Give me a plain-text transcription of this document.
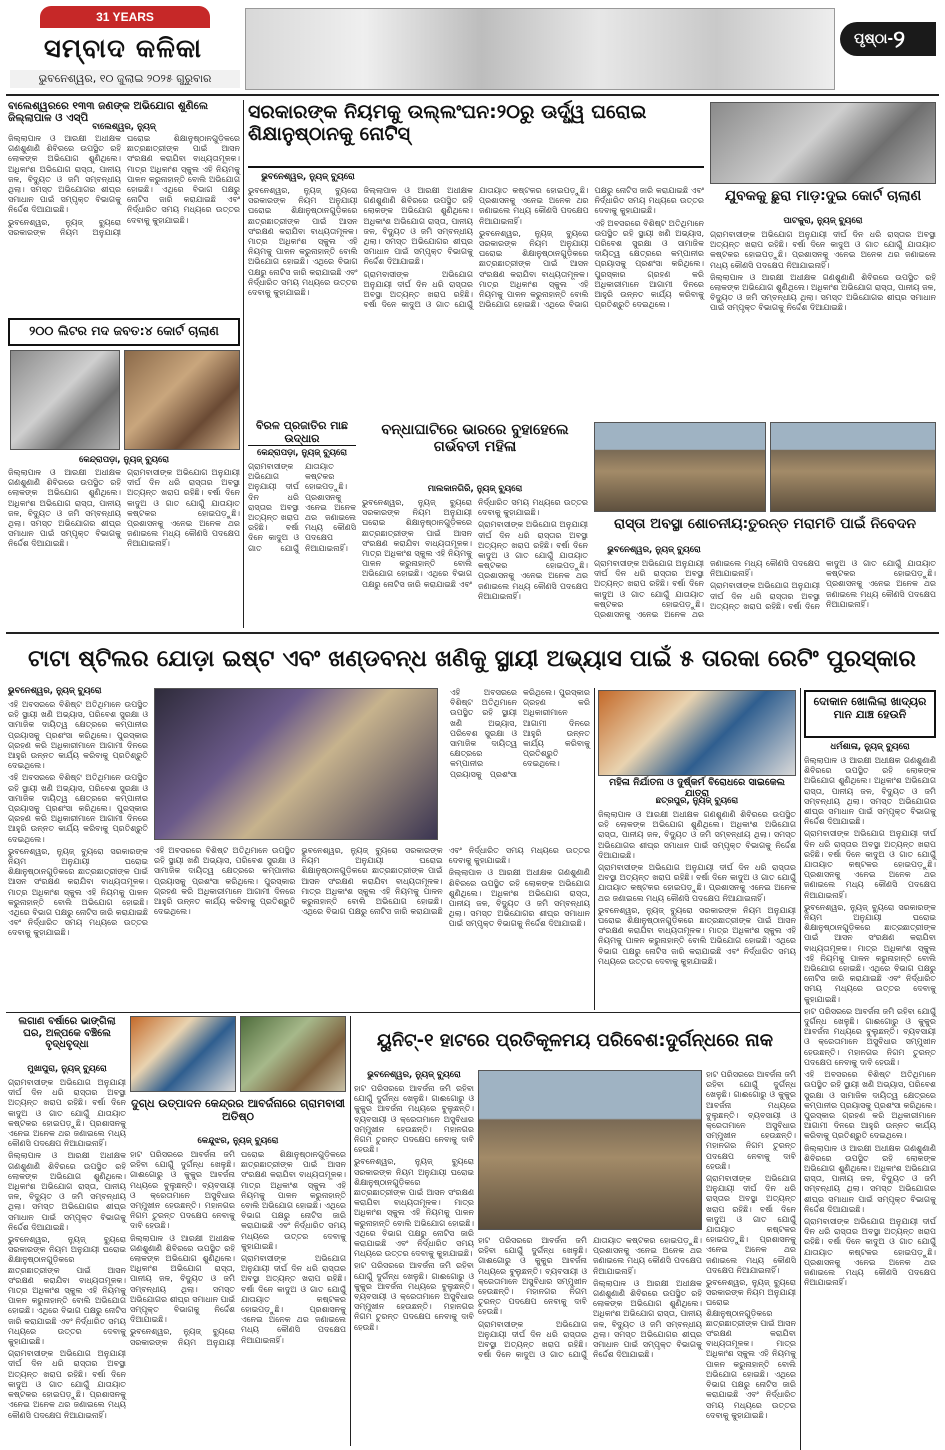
31 YEARS
ସମ୍ବାଦ କଳିକା
ଭୁବନେଶ୍ୱର, ୧୦ ଜୁଲାଇ ୨୦୨୫ ଗୁରୁବାର
ପୃଷ୍ଠା-୨
ବାଲେଶ୍ୱରରେ ୧୩୩ ଜଣଙ୍କ ଅଭିଯୋଗ ଶୁଣିଲେ ଜିଲ୍ଲାପାଳ ଓ ଏସ୍‌ପି
ବାଲେଶ୍ୱର, ନ୍ୟୁଜ୍

ଜିଲ୍ଲାପାଳ ଓ ଆରକ୍ଷୀ ଅଧୀକ୍ଷକ ଗଣଶୁଣାଣି ଶିବିରରେ ଉପସ୍ଥିତ ରହି ଲୋକଙ୍କ ଅଭିଯୋଗ ଶୁଣିଥିଲେ। ଅଧିକାଂଶ ଅଭିଯୋଗ ରାସ୍ତା, ପାନୀୟ ଜଳ, ବିଦ୍ୟୁତ ଓ ଜମି ସମ୍ବନ୍ଧୀୟ ଥିଲା। ସମସ୍ତ ଅଭିଯୋଗର ଶୀଘ୍ର ସମାଧାନ ପାଇଁ ସମ୍ପୃକ୍ତ ବିଭାଗକୁ ନିର୍ଦ୍ଦେଶ ଦିଆଯାଇଛି।

ଭୁବନେଶ୍ୱର, ନ୍ୟୁଜ୍ ବ୍ୟୁରୋ ସରକାରଙ୍କ ନିୟମ ଅନୁଯାୟୀ ଘରୋଇ ଶିକ୍ଷାନୁଷ୍ଠାନଗୁଡ଼ିକରେ ଛାତ୍ରଛାତ୍ରୀଙ୍କ ପାଇଁ ଆସନ ସଂରକ୍ଷଣ କରାଯିବା ବାଧ୍ୟତାମୂଳକ। ମାତ୍ର ଅଧିକାଂଶ ସ୍କୁଲ ଏହି ନିୟମକୁ ପାଳନ କରୁନାହାନ୍ତି ବୋଲି ଅଭିଯୋଗ ହୋଇଛି। ଏଥିରେ ବିଭାଗ ପକ୍ଷରୁ ନୋଟିସ ଜାରି କରାଯାଇଛି ଏବଂ ନିର୍ଦ୍ଧାରିତ ସମୟ ମଧ୍ୟରେ ଉତ୍ତର ଦେବାକୁ କୁହାଯାଇଛି।

୨୦୦ ଲିଟର ମଦ ଜବତ:୪ କୋର୍ଟ ଚାଲାଣ
କେନ୍ଦ୍ରାପଡ଼ା, ନ୍ୟୁଜ୍ ବ୍ୟୁରୋ

ଜିଲ୍ଲାପାଳ ଓ ଆରକ୍ଷୀ ଅଧୀକ୍ଷକ ଗଣଶୁଣାଣି ଶିବିରରେ ଉପସ୍ଥିତ ରହି ଲୋକଙ୍କ ଅଭିଯୋଗ ଶୁଣିଥିଲେ। ଅଧିକାଂଶ ଅଭିଯୋଗ ରାସ୍ତା, ପାନୀୟ ଜଳ, ବିଦ୍ୟୁତ ଓ ଜମି ସମ୍ବନ୍ଧୀୟ ଥିଲା। ସମସ୍ତ ଅଭିଯୋଗର ଶୀଘ୍ର ସମାଧାନ ପାଇଁ ସମ୍ପୃକ୍ତ ବିଭାଗକୁ ନିର୍ଦ୍ଦେଶ ଦିଆଯାଇଛି।

ଗ୍ରାମବାସୀଙ୍କ ଅଭିଯୋଗ ଅନୁଯାୟୀ ଦୀର୍ଘ ଦିନ ଧରି ରାସ୍ତାର ଅବସ୍ଥା ଅତ୍ୟନ୍ତ ଖରାପ ରହିଛି। ବର୍ଷା ଦିନେ କାଦୁଅ ଓ ଗାତ ଯୋଗୁଁ ଯାତାୟାତ କଷ୍ଟକର ହୋଇପଡ଼ୁଛି। ପ୍ରଶାସନକୁ ଏନେଇ ଅନେକ ଥର ଜଣାଇଲେ ମଧ୍ୟ କୌଣସି ପଦକ୍ଷେପ ନିଆଯାଇନାହିଁ।

ସରକାରଙ୍କ ନିୟମକୁ ଉଲ୍ଲଂଘନ:୨୦ରୁ ଊର୍ଦ୍ଧ୍ୱ ଘରୋଇ ଶିକ୍ଷାନୁଷ୍ଠାନକୁ ନୋଟିସ୍
ଭୁବନେଶ୍ୱର, ନ୍ୟୁଜ୍ ବ୍ୟୁରୋ

ଭୁବନେଶ୍ୱର, ନ୍ୟୁଜ୍ ବ୍ୟୁରୋ ସରକାରଙ୍କ ନିୟମ ଅନୁଯାୟୀ ଘରୋଇ ଶିକ୍ଷାନୁଷ୍ଠାନଗୁଡ଼ିକରେ ଛାତ୍ରଛାତ୍ରୀଙ୍କ ପାଇଁ ଆସନ ସଂରକ୍ଷଣ କରାଯିବା ବାଧ୍ୟତାମୂଳକ। ମାତ୍ର ଅଧିକାଂଶ ସ୍କୁଲ ଏହି ନିୟମକୁ ପାଳନ କରୁନାହାନ୍ତି ବୋଲି ଅଭିଯୋଗ ହୋଇଛି। ଏଥିରେ ବିଭାଗ ପକ୍ଷରୁ ନୋଟିସ ଜାରି କରାଯାଇଛି ଏବଂ ନିର୍ଦ୍ଧାରିତ ସମୟ ମଧ୍ୟରେ ଉତ୍ତର ଦେବାକୁ କୁହାଯାଇଛି।

ଜିଲ୍ଲାପାଳ ଓ ଆରକ୍ଷୀ ଅଧୀକ୍ଷକ ଗଣଶୁଣାଣି ଶିବିରରେ ଉପସ୍ଥିତ ରହି ଲୋକଙ୍କ ଅଭିଯୋଗ ଶୁଣିଥିଲେ। ଅଧିକାଂଶ ଅଭିଯୋଗ ରାସ୍ତା, ପାନୀୟ ଜଳ, ବିଦ୍ୟୁତ ଓ ଜମି ସମ୍ବନ୍ଧୀୟ ଥିଲା। ସମସ୍ତ ଅଭିଯୋଗର ଶୀଘ୍ର ସମାଧାନ ପାଇଁ ସମ୍ପୃକ୍ତ ବିଭାଗକୁ ନିର୍ଦ୍ଦେଶ ଦିଆଯାଇଛି।

ଗ୍ରାମବାସୀଙ୍କ ଅଭିଯୋଗ ଅନୁଯାୟୀ ଦୀର୍ଘ ଦିନ ଧରି ରାସ୍ତାର ଅବସ୍ଥା ଅତ୍ୟନ୍ତ ଖରାପ ରହିଛି। ବର୍ଷା ଦିନେ କାଦୁଅ ଓ ଗାତ ଯୋଗୁଁ ଯାତାୟାତ କଷ୍ଟକର ହୋଇପଡ଼ୁଛି। ପ୍ରଶାସନକୁ ଏନେଇ ଅନେକ ଥର ଜଣାଇଲେ ମଧ୍ୟ କୌଣସି ପଦକ୍ଷେପ ନିଆଯାଇନାହିଁ।

ଭୁବନେଶ୍ୱର, ନ୍ୟୁଜ୍ ବ୍ୟୁରୋ ସରକାରଙ୍କ ନିୟମ ଅନୁଯାୟୀ ଘରୋଇ ଶିକ୍ଷାନୁଷ୍ଠାନଗୁଡ଼ିକରେ ଛାତ୍ରଛାତ୍ରୀଙ୍କ ପାଇଁ ଆସନ ସଂରକ୍ଷଣ କରାଯିବା ବାଧ୍ୟତାମୂଳକ। ମାତ୍ର ଅଧିକାଂଶ ସ୍କୁଲ ଏହି ନିୟମକୁ ପାଳନ କରୁନାହାନ୍ତି ବୋଲି ଅଭିଯୋଗ ହୋଇଛି। ଏଥିରେ ବିଭାଗ ପକ୍ଷରୁ ନୋଟିସ ଜାରି କରାଯାଇଛି ଏବଂ ନିର୍ଦ୍ଧାରିତ ସମୟ ମଧ୍ୟରେ ଉତ୍ତର ଦେବାକୁ କୁହାଯାଇଛି।

ଏହି ଅବସରରେ ବିଶିଷ୍ଟ ଅତିଥିମାନେ ଉପସ୍ଥିତ ରହି ସ୍ଥାୟୀ ଖଣି ଅଭ୍ୟାସ, ପରିବେଶ ସୁରକ୍ଷା ଓ ସାମାଜିକ ଦାୟିତ୍ୱ କ୍ଷେତ୍ରରେ କମ୍ପାନୀର ପ୍ରୟାସକୁ ପ୍ରଶଂସା କରିଥିଲେ। ପୁରସ୍କାର ଗ୍ରହଣ କରି ଅଧିକାରୀମାନେ ଆଗାମୀ ଦିନରେ ଆହୁରି ଉନ୍ନତ କାର୍ଯ୍ୟ କରିବାକୁ ପ୍ରତିଶ୍ରୁତି ଦେଇଥିଲେ।

ଯୁବକକୁ ଛୁରା ମାଡ଼:ଦୁଇ କୋର୍ଟ ଚାଲାଣ
ପାଟକୁରା, ନ୍ୟୁଜ୍ ବ୍ୟୁରୋ

ଗ୍ରାମବାସୀଙ୍କ ଅଭିଯୋଗ ଅନୁଯାୟୀ ଦୀର୍ଘ ଦିନ ଧରି ରାସ୍ତାର ଅବସ୍ଥା ଅତ୍ୟନ୍ତ ଖରାପ ରହିଛି। ବର୍ଷା ଦିନେ କାଦୁଅ ଓ ଗାତ ଯୋଗୁଁ ଯାତାୟାତ କଷ୍ଟକର ହୋଇପଡ଼ୁଛି। ପ୍ରଶାସନକୁ ଏନେଇ ଅନେକ ଥର ଜଣାଇଲେ ମଧ୍ୟ କୌଣସି ପଦକ୍ଷେପ ନିଆଯାଇନାହିଁ।

ଜିଲ୍ଲାପାଳ ଓ ଆରକ୍ଷୀ ଅଧୀକ୍ଷକ ଗଣଶୁଣାଣି ଶିବିରରେ ଉପସ୍ଥିତ ରହି ଲୋକଙ୍କ ଅଭିଯୋଗ ଶୁଣିଥିଲେ। ଅଧିକାଂଶ ଅଭିଯୋଗ ରାସ୍ତା, ପାନୀୟ ଜଳ, ବିଦ୍ୟୁତ ଓ ଜମି ସମ୍ବନ୍ଧୀୟ ଥିଲା। ସମସ୍ତ ଅଭିଯୋଗର ଶୀଘ୍ର ସମାଧାନ ପାଇଁ ସମ୍ପୃକ୍ତ ବିଭାଗକୁ ନିର୍ଦ୍ଦେଶ ଦିଆଯାଇଛି।

ବିରଳ ପ୍ରଜାତିର ମାଛ ଉଦ୍ଧାର
କେନ୍ଦ୍ରାପଡ଼ା, ନ୍ୟୁଜ୍ ବ୍ୟୁରୋ

ଗ୍ରାମବାସୀଙ୍କ ଅଭିଯୋଗ ଅନୁଯାୟୀ ଦୀର୍ଘ ଦିନ ଧରି ରାସ୍ତାର ଅବସ୍ଥା ଅତ୍ୟନ୍ତ ଖରାପ ରହିଛି। ବର୍ଷା ଦିନେ କାଦୁଅ ଓ ଗାତ ଯୋଗୁଁ ଯାତାୟାତ କଷ୍ଟକର ହୋଇପଡ଼ୁଛି। ପ୍ରଶାସନକୁ ଏନେଇ ଅନେକ ଥର ଜଣାଇଲେ ମଧ୍ୟ କୌଣସି ପଦକ୍ଷେପ ନିଆଯାଇନାହିଁ।

ବନ୍ଧାଘାଟିରେ ଭାରରେ ବୁହାହେଲେ ଗର୍ଭବତୀ ମହିଳା
ମାଲକାନଗିରି, ନ୍ୟୁଜ୍ ବ୍ୟୁରୋ

ଭୁବନେଶ୍ୱର, ନ୍ୟୁଜ୍ ବ୍ୟୁରୋ ସରକାରଙ୍କ ନିୟମ ଅନୁଯାୟୀ ଘରୋଇ ଶିକ୍ଷାନୁଷ୍ଠାନଗୁଡ଼ିକରେ ଛାତ୍ରଛାତ୍ରୀଙ୍କ ପାଇଁ ଆସନ ସଂରକ୍ଷଣ କରାଯିବା ବାଧ୍ୟତାମୂଳକ। ମାତ୍ର ଅଧିକାଂଶ ସ୍କୁଲ ଏହି ନିୟମକୁ ପାଳନ କରୁନାହାନ୍ତି ବୋଲି ଅଭିଯୋଗ ହୋଇଛି। ଏଥିରେ ବିଭାଗ ପକ୍ଷରୁ ନୋଟିସ ଜାରି କରାଯାଇଛି ଏବଂ ନିର୍ଦ୍ଧାରିତ ସମୟ ମଧ୍ୟରେ ଉତ୍ତର ଦେବାକୁ କୁହାଯାଇଛି।

ଗ୍ରାମବାସୀଙ୍କ ଅଭିଯୋଗ ଅନୁଯାୟୀ ଦୀର୍ଘ ଦିନ ଧରି ରାସ୍ତାର ଅବସ୍ଥା ଅତ୍ୟନ୍ତ ଖରାପ ରହିଛି। ବର୍ଷା ଦିନେ କାଦୁଅ ଓ ଗାତ ଯୋଗୁଁ ଯାତାୟାତ କଷ୍ଟକର ହୋଇପଡ଼ୁଛି। ପ୍ରଶାସନକୁ ଏନେଇ ଅନେକ ଥର ଜଣାଇଲେ ମଧ୍ୟ କୌଣସି ପଦକ୍ଷେପ ନିଆଯାଇନାହିଁ।

ରାସ୍ତା ଅବସ୍ଥା ଶୋଚନୀୟ:ତୁରନ୍ତ ମରାମତି ପାଇଁ ନିବେଦନ
ଭୁବନେଶ୍ୱର, ନ୍ୟୁଜ୍ ବ୍ୟୁରୋ

ଗ୍ରାମବାସୀଙ୍କ ଅଭିଯୋଗ ଅନୁଯାୟୀ ଦୀର୍ଘ ଦିନ ଧରି ରାସ୍ତାର ଅବସ୍ଥା ଅତ୍ୟନ୍ତ ଖରାପ ରହିଛି। ବର୍ଷା ଦିନେ କାଦୁଅ ଓ ଗାତ ଯୋଗୁଁ ଯାତାୟାତ କଷ୍ଟକର ହୋଇପଡ଼ୁଛି। ପ୍ରଶାସନକୁ ଏନେଇ ଅନେକ ଥର ଜଣାଇଲେ ମଧ୍ୟ କୌଣସି ପଦକ୍ଷେପ ନିଆଯାଇନାହିଁ।

ଗ୍ରାମବାସୀଙ୍କ ଅଭିଯୋଗ ଅନୁଯାୟୀ ଦୀର୍ଘ ଦିନ ଧରି ରାସ୍ତାର ଅବସ୍ଥା ଅତ୍ୟନ୍ତ ଖରାପ ରହିଛି। ବର୍ଷା ଦିନେ କାଦୁଅ ଓ ଗାତ ଯୋଗୁଁ ଯାତାୟାତ କଷ୍ଟକର ହୋଇପଡ଼ୁଛି। ପ୍ରଶାସନକୁ ଏନେଇ ଅନେକ ଥର ଜଣାଇଲେ ମଧ୍ୟ କୌଣସି ପଦକ୍ଷେପ ନିଆଯାଇନାହିଁ।

ଟାଟା ଷ୍ଟିଲର ଯୋଡ଼ା ଇଷ୍ଟ ଏବଂ ଖଣ୍ଡବନ୍ଧ ଖଣିକୁ ସ୍ଥାୟୀ ଅଭ୍ୟାସ ପାଇଁ ୫ ତାରକା ରେଟିଂ ପୁରସ୍କାର
ଭୁବନେଶ୍ୱର, ନ୍ୟୁଜ୍ ବ୍ୟୁରୋ

ଏହି ଅବସରରେ ବିଶିଷ୍ଟ ଅତିଥିମାନେ ଉପସ୍ଥିତ ରହି ସ୍ଥାୟୀ ଖଣି ଅଭ୍ୟାସ, ପରିବେଶ ସୁରକ୍ଷା ଓ ସାମାଜିକ ଦାୟିତ୍ୱ କ୍ଷେତ୍ରରେ କମ୍ପାନୀର ପ୍ରୟାସକୁ ପ୍ରଶଂସା କରିଥିଲେ। ପୁରସ୍କାର ଗ୍ରହଣ କରି ଅଧିକାରୀମାନେ ଆଗାମୀ ଦିନରେ ଆହୁରି ଉନ୍ନତ କାର୍ଯ୍ୟ କରିବାକୁ ପ୍ରତିଶ୍ରୁତି ଦେଇଥିଲେ।

ଏହି ଅବସରରେ ବିଶିଷ୍ଟ ଅତିଥିମାନେ ଉପସ୍ଥିତ ରହି ସ୍ଥାୟୀ ଖଣି ଅଭ୍ୟାସ, ପରିବେଶ ସୁରକ୍ଷା ଓ ସାମାଜିକ ଦାୟିତ୍ୱ କ୍ଷେତ୍ରରେ କମ୍ପାନୀର ପ୍ରୟାସକୁ ପ୍ରଶଂସା କରିଥିଲେ। ପୁରସ୍କାର ଗ୍ରହଣ କରି ଅଧିକାରୀମାନେ ଆଗାମୀ ଦିନରେ ଆହୁରି ଉନ୍ନତ କାର୍ଯ୍ୟ କରିବାକୁ ପ୍ରତିଶ୍ରୁତି ଦେଇଥିଲେ।

ଭୁବନେଶ୍ୱର, ନ୍ୟୁଜ୍ ବ୍ୟୁରୋ ସରକାରଙ୍କ ନିୟମ ଅନୁଯାୟୀ ଘରୋଇ ଶିକ୍ଷାନୁଷ୍ଠାନଗୁଡ଼ିକରେ ଛାତ୍ରଛାତ୍ରୀଙ୍କ ପାଇଁ ଆସନ ସଂରକ୍ଷଣ କରାଯିବା ବାଧ୍ୟତାମୂଳକ। ମାତ୍ର ଅଧିକାଂଶ ସ୍କୁଲ ଏହି ନିୟମକୁ ପାଳନ କରୁନାହାନ୍ତି ବୋଲି ଅଭିଯୋଗ ହୋଇଛି। ଏଥିରେ ବିଭାଗ ପକ୍ଷରୁ ନୋଟିସ ଜାରି କରାଯାଇଛି ଏବଂ ନିର୍ଦ୍ଧାରିତ ସମୟ ମଧ୍ୟରେ ଉତ୍ତର ଦେବାକୁ କୁହାଯାଇଛି।

ଏହି ଅବସରରେ ବିଶିଷ୍ଟ ଅତିଥିମାନେ ଉପସ୍ଥିତ ରହି ସ୍ଥାୟୀ ଖଣି ଅଭ୍ୟାସ, ପରିବେଶ ସୁରକ୍ଷା ଓ ସାମାଜିକ ଦାୟିତ୍ୱ କ୍ଷେତ୍ରରେ କମ୍ପାନୀର ପ୍ରୟାସକୁ ପ୍ରଶଂସା କରିଥିଲେ। ପୁରସ୍କାର ଗ୍ରହଣ କରି ଅଧିକାରୀମାନେ ଆଗାମୀ ଦିନରେ ଆହୁରି ଉନ୍ନତ କାର୍ଯ୍ୟ କରିବାକୁ ପ୍ରତିଶ୍ରୁତି ଦେଇଥିଲେ।

ଏହି ଅବସରରେ ବିଶିଷ୍ଟ ଅତିଥିମାନେ ଉପସ୍ଥିତ ରହି ସ୍ଥାୟୀ ଖଣି ଅଭ୍ୟାସ, ପରିବେଶ ସୁରକ୍ଷା ଓ ସାମାଜିକ ଦାୟିତ୍ୱ କ୍ଷେତ୍ରରେ କମ୍ପାନୀର ପ୍ରୟାସକୁ ପ୍ରଶଂସା କରିଥିଲେ। ପୁରସ୍କାର ଗ୍ରହଣ କରି ଅଧିକାରୀମାନେ ଆଗାମୀ ଦିନରେ ଆହୁରି ଉନ୍ନତ କାର୍ଯ୍ୟ କରିବାକୁ ପ୍ରତିଶ୍ରୁତି ଦେଇଥିଲେ।

ଭୁବନେଶ୍ୱର, ନ୍ୟୁଜ୍ ବ୍ୟୁରୋ ସରକାରଙ୍କ ନିୟମ ଅନୁଯାୟୀ ଘରୋଇ ଶିକ୍ଷାନୁଷ୍ଠାନଗୁଡ଼ିକରେ ଛାତ୍ରଛାତ୍ରୀଙ୍କ ପାଇଁ ଆସନ ସଂରକ୍ଷଣ କରାଯିବା ବାଧ୍ୟତାମୂଳକ। ମାତ୍ର ଅଧିକାଂଶ ସ୍କୁଲ ଏହି ନିୟମକୁ ପାଳନ କରୁନାହାନ୍ତି ବୋଲି ଅଭିଯୋଗ ହୋଇଛି। ଏଥିରେ ବିଭାଗ ପକ୍ଷରୁ ନୋଟିସ ଜାରି କରାଯାଇଛି ଏବଂ ନିର୍ଦ୍ଧାରିତ ସମୟ ମଧ୍ୟରେ ଉତ୍ତର ଦେବାକୁ କୁହାଯାଇଛି।

ଜିଲ୍ଲାପାଳ ଓ ଆରକ୍ଷୀ ଅଧୀକ୍ଷକ ଗଣଶୁଣାଣି ଶିବିରରେ ଉପସ୍ଥିତ ରହି ଲୋକଙ୍କ ଅଭିଯୋଗ ଶୁଣିଥିଲେ। ଅଧିକାଂଶ ଅଭିଯୋଗ ରାସ୍ତା, ପାନୀୟ ଜଳ, ବିଦ୍ୟୁତ ଓ ଜମି ସମ୍ବନ୍ଧୀୟ ଥିଲା। ସମସ୍ତ ଅଭିଯୋଗର ଶୀଘ୍ର ସମାଧାନ ପାଇଁ ସମ୍ପୃକ୍ତ ବିଭାଗକୁ ନିର୍ଦ୍ଦେଶ ଦିଆଯାଇଛି।

ମହିଳା ନିର୍ଯାତନା ଓ ଦୁର୍ଷ୍କର୍ମ ବିରୋଧରେ ସାଇକେଲ ଯାତ୍ରା
ଛତ୍ରପୁର, ନ୍ୟୁଜ୍ ବ୍ୟୁରୋ

ଜିଲ୍ଲାପାଳ ଓ ଆରକ୍ଷୀ ଅଧୀକ୍ଷକ ଗଣଶୁଣାଣି ଶିବିରରେ ଉପସ୍ଥିତ ରହି ଲୋକଙ୍କ ଅଭିଯୋଗ ଶୁଣିଥିଲେ। ଅଧିକାଂଶ ଅଭିଯୋଗ ରାସ୍ତା, ପାନୀୟ ଜଳ, ବିଦ୍ୟୁତ ଓ ଜମି ସମ୍ବନ୍ଧୀୟ ଥିଲା। ସମସ୍ତ ଅଭିଯୋଗର ଶୀଘ୍ର ସମାଧାନ ପାଇଁ ସମ୍ପୃକ୍ତ ବିଭାଗକୁ ନିର୍ଦ୍ଦେଶ ଦିଆଯାଇଛି।

ଗ୍ରାମବାସୀଙ୍କ ଅଭିଯୋଗ ଅନୁଯାୟୀ ଦୀର୍ଘ ଦିନ ଧରି ରାସ୍ତାର ଅବସ୍ଥା ଅତ୍ୟନ୍ତ ଖରାପ ରହିଛି। ବର୍ଷା ଦିନେ କାଦୁଅ ଓ ଗାତ ଯୋଗୁଁ ଯାତାୟାତ କଷ୍ଟକର ହୋଇପଡ଼ୁଛି। ପ୍ରଶାସନକୁ ଏନେଇ ଅନେକ ଥର ଜଣାଇଲେ ମଧ୍ୟ କୌଣସି ପଦକ୍ଷେପ ନିଆଯାଇନାହିଁ।

ଭୁବନେଶ୍ୱର, ନ୍ୟୁଜ୍ ବ୍ୟୁରୋ ସରକାରଙ୍କ ନିୟମ ଅନୁଯାୟୀ ଘରୋଇ ଶିକ୍ଷାନୁଷ୍ଠାନଗୁଡ଼ିକରେ ଛାତ୍ରଛାତ୍ରୀଙ୍କ ପାଇଁ ଆସନ ସଂରକ୍ଷଣ କରାଯିବା ବାଧ୍ୟତାମୂଳକ। ମାତ୍ର ଅଧିକାଂଶ ସ୍କୁଲ ଏହି ନିୟମକୁ ପାଳନ କରୁନାହାନ୍ତି ବୋଲି ଅଭିଯୋଗ ହୋଇଛି। ଏଥିରେ ବିଭାଗ ପକ୍ଷରୁ ନୋଟିସ ଜାରି କରାଯାଇଛି ଏବଂ ନିର୍ଦ୍ଧାରିତ ସମୟ ମଧ୍ୟରେ ଉତ୍ତର ଦେବାକୁ କୁହାଯାଇଛି।

ଦୋକାନ ଖୋଲିଲା ଖାଦ୍ୟର ମାନ ଯାଞ୍ଚ ହେଉନି
ଧର୍ମଶାଳା, ନ୍ୟୁଜ୍ ବ୍ୟୁରୋ

ଜିଲ୍ଲାପାଳ ଓ ଆରକ୍ଷୀ ଅଧୀକ୍ଷକ ଗଣଶୁଣାଣି ଶିବିରରେ ଉପସ୍ଥିତ ରହି ଲୋକଙ୍କ ଅଭିଯୋଗ ଶୁଣିଥିଲେ। ଅଧିକାଂଶ ଅଭିଯୋଗ ରାସ୍ତା, ପାନୀୟ ଜଳ, ବିଦ୍ୟୁତ ଓ ଜମି ସମ୍ବନ୍ଧୀୟ ଥିଲା। ସମସ୍ତ ଅଭିଯୋଗର ଶୀଘ୍ର ସମାଧାନ ପାଇଁ ସମ୍ପୃକ୍ତ ବିଭାଗକୁ ନିର୍ଦ୍ଦେଶ ଦିଆଯାଇଛି।

ଗ୍ରାମବାସୀଙ୍କ ଅଭିଯୋଗ ଅନୁଯାୟୀ ଦୀର୍ଘ ଦିନ ଧରି ରାସ୍ତାର ଅବସ୍ଥା ଅତ୍ୟନ୍ତ ଖରାପ ରହିଛି। ବର୍ଷା ଦିନେ କାଦୁଅ ଓ ଗାତ ଯୋଗୁଁ ଯାତାୟାତ କଷ୍ଟକର ହୋଇପଡ଼ୁଛି। ପ୍ରଶାସନକୁ ଏନେଇ ଅନେକ ଥର ଜଣାଇଲେ ମଧ୍ୟ କୌଣସି ପଦକ୍ଷେପ ନିଆଯାଇନାହିଁ।

ଭୁବନେଶ୍ୱର, ନ୍ୟୁଜ୍ ବ୍ୟୁରୋ ସରକାରଙ୍କ ନିୟମ ଅନୁଯାୟୀ ଘରୋଇ ଶିକ୍ଷାନୁଷ୍ଠାନଗୁଡ଼ିକରେ ଛାତ୍ରଛାତ୍ରୀଙ୍କ ପାଇଁ ଆସନ ସଂରକ୍ଷଣ କରାଯିବା ବାଧ୍ୟତାମୂଳକ। ମାତ୍ର ଅଧିକାଂଶ ସ୍କୁଲ ଏହି ନିୟମକୁ ପାଳନ କରୁନାହାନ୍ତି ବୋଲି ଅଭିଯୋଗ ହୋଇଛି। ଏଥିରେ ବିଭାଗ ପକ୍ଷରୁ ନୋଟିସ ଜାରି କରାଯାଇଛି ଏବଂ ନିର୍ଦ୍ଧାରିତ ସମୟ ମଧ୍ୟରେ ଉତ୍ତର ଦେବାକୁ କୁହାଯାଇଛି।

ହାଟ ପରିସରରେ ଆବର୍ଜନା ଜମି ରହିବା ଯୋଗୁଁ ଦୁର୍ଗନ୍ଧ ଖେଳୁଛି। ଗାଈଗୋରୁ ଓ କୁକୁର ଆବର୍ଜନା ମଧ୍ୟରେ ବୁଲୁଛନ୍ତି। ବ୍ୟବସାୟୀ ଓ କ୍ରେତାମାନେ ଅସୁବିଧାର ସମ୍ମୁଖୀନ ହେଉଛନ୍ତି। ମହାନଗର ନିଗମ ତୁରନ୍ତ ପଦକ୍ଷେପ ନେବାକୁ ଦାବି ହେଉଛି।

ଏହି ଅବସରରେ ବିଶିଷ୍ଟ ଅତିଥିମାନେ ଉପସ୍ଥିତ ରହି ସ୍ଥାୟୀ ଖଣି ଅଭ୍ୟାସ, ପରିବେଶ ସୁରକ୍ଷା ଓ ସାମାଜିକ ଦାୟିତ୍ୱ କ୍ଷେତ୍ରରେ କମ୍ପାନୀର ପ୍ରୟାସକୁ ପ୍ରଶଂସା କରିଥିଲେ। ପୁରସ୍କାର ଗ୍ରହଣ କରି ଅଧିକାରୀମାନେ ଆଗାମୀ ଦିନରେ ଆହୁରି ଉନ୍ନତ କାର୍ଯ୍ୟ କରିବାକୁ ପ୍ରତିଶ୍ରୁତି ଦେଇଥିଲେ।

ଜିଲ୍ଲାପାଳ ଓ ଆରକ୍ଷୀ ଅଧୀକ୍ଷକ ଗଣଶୁଣାଣି ଶିବିରରେ ଉପସ୍ଥିତ ରହି ଲୋକଙ୍କ ଅଭିଯୋଗ ଶୁଣିଥିଲେ। ଅଧିକାଂଶ ଅଭିଯୋଗ ରାସ୍ତା, ପାନୀୟ ଜଳ, ବିଦ୍ୟୁତ ଓ ଜମି ସମ୍ବନ୍ଧୀୟ ଥିଲା। ସମସ୍ତ ଅଭିଯୋଗର ଶୀଘ୍ର ସମାଧାନ ପାଇଁ ସମ୍ପୃକ୍ତ ବିଭାଗକୁ ନିର୍ଦ୍ଦେଶ ଦିଆଯାଇଛି।

ଗ୍ରାମବାସୀଙ୍କ ଅଭିଯୋଗ ଅନୁଯାୟୀ ଦୀର୍ଘ ଦିନ ଧରି ରାସ୍ତାର ଅବସ୍ଥା ଅତ୍ୟନ୍ତ ଖରାପ ରହିଛି। ବର୍ଷା ଦିନେ କାଦୁଅ ଓ ଗାତ ଯୋଗୁଁ ଯାତାୟାତ କଷ୍ଟକର ହୋଇପଡ଼ୁଛି। ପ୍ରଶାସନକୁ ଏନେଇ ଅନେକ ଥର ଜଣାଇଲେ ମଧ୍ୟ କୌଣସି ପଦକ୍ଷେପ ନିଆଯାଇନାହିଁ।

ଲଗାଣ ବର୍ଷାରେ ଭାଙ୍ଗିଲା ଘର, ଅଳ୍ପକେ ବଞ୍ଚିଲେ ବୃଦ୍ଧବୃଦ୍ଧା
ମୁଖାପୁରା, ନ୍ୟୁଜ୍ ବ୍ୟୁରୋ

ଗ୍ରାମବାସୀଙ୍କ ଅଭିଯୋଗ ଅନୁଯାୟୀ ଦୀର୍ଘ ଦିନ ଧରି ରାସ୍ତାର ଅବସ୍ଥା ଅତ୍ୟନ୍ତ ଖରାପ ରହିଛି। ବର୍ଷା ଦିନେ କାଦୁଅ ଓ ଗାତ ଯୋଗୁଁ ଯାତାୟାତ କଷ୍ଟକର ହୋଇପଡ଼ୁଛି। ପ୍ରଶାସନକୁ ଏନେଇ ଅନେକ ଥର ଜଣାଇଲେ ମଧ୍ୟ କୌଣସି ପଦକ୍ଷେପ ନିଆଯାଇନାହିଁ।

ଜିଲ୍ଲାପାଳ ଓ ଆରକ୍ଷୀ ଅଧୀକ୍ଷକ ଗଣଶୁଣାଣି ଶିବିରରେ ଉପସ୍ଥିତ ରହି ଲୋକଙ୍କ ଅଭିଯୋଗ ଶୁଣିଥିଲେ। ଅଧିକାଂଶ ଅଭିଯୋଗ ରାସ୍ତା, ପାନୀୟ ଜଳ, ବିଦ୍ୟୁତ ଓ ଜମି ସମ୍ବନ୍ଧୀୟ ଥିଲା। ସମସ୍ତ ଅଭିଯୋଗର ଶୀଘ୍ର ସମାଧାନ ପାଇଁ ସମ୍ପୃକ୍ତ ବିଭାଗକୁ ନିର୍ଦ୍ଦେଶ ଦିଆଯାଇଛି।

ଭୁବନେଶ୍ୱର, ନ୍ୟୁଜ୍ ବ୍ୟୁରୋ ସରକାରଙ୍କ ନିୟମ ଅନୁଯାୟୀ ଘରୋଇ ଶିକ୍ଷାନୁଷ୍ଠାନଗୁଡ଼ିକରେ ଛାତ୍ରଛାତ୍ରୀଙ୍କ ପାଇଁ ଆସନ ସଂରକ୍ଷଣ କରାଯିବା ବାଧ୍ୟତାମୂଳକ। ମାତ୍ର ଅଧିକାଂଶ ସ୍କୁଲ ଏହି ନିୟମକୁ ପାଳନ କରୁନାହାନ୍ତି ବୋଲି ଅଭିଯୋଗ ହୋଇଛି। ଏଥିରେ ବିଭାଗ ପକ୍ଷରୁ ନୋଟିସ ଜାରି କରାଯାଇଛି ଏବଂ ନିର୍ଦ୍ଧାରିତ ସମୟ ମଧ୍ୟରେ ଉତ୍ତର ଦେବାକୁ କୁହାଯାଇଛି।

ଗ୍ରାମବାସୀଙ୍କ ଅଭିଯୋଗ ଅନୁଯାୟୀ ଦୀର୍ଘ ଦିନ ଧରି ରାସ୍ତାର ଅବସ୍ଥା ଅତ୍ୟନ୍ତ ଖରାପ ରହିଛି। ବର୍ଷା ଦିନେ କାଦୁଅ ଓ ଗାତ ଯୋଗୁଁ ଯାତାୟାତ କଷ୍ଟକର ହୋଇପଡ଼ୁଛି। ପ୍ରଶାସନକୁ ଏନେଇ ଅନେକ ଥର ଜଣାଇଲେ ମଧ୍ୟ କୌଣସି ପଦକ୍ଷେପ ନିଆଯାଇନାହିଁ।

ଦୁଗ୍ଧ ଉତ୍ପାଦନ କେନ୍ଦ୍ରର ଆବର୍ଜନାରେ ଗ୍ରାମବାସୀ ଅତିଷ୍ଠ
କେନ୍ଦୁଝର, ନ୍ୟୁଜ୍ ବ୍ୟୁରୋ

ହାଟ ପରିସରରେ ଆବର୍ଜନା ଜମି ରହିବା ଯୋଗୁଁ ଦୁର୍ଗନ୍ଧ ଖେଳୁଛି। ଗାଈଗୋରୁ ଓ କୁକୁର ଆବର୍ଜନା ମଧ୍ୟରେ ବୁଲୁଛନ୍ତି। ବ୍ୟବସାୟୀ ଓ କ୍ରେତାମାନେ ଅସୁବିଧାର ସମ୍ମୁଖୀନ ହେଉଛନ୍ତି। ମହାନଗର ନିଗମ ତୁରନ୍ତ ପଦକ୍ଷେପ ନେବାକୁ ଦାବି ହେଉଛି।

ଜିଲ୍ଲାପାଳ ଓ ଆରକ୍ଷୀ ଅଧୀକ୍ଷକ ଗଣଶୁଣାଣି ଶିବିରରେ ଉପସ୍ଥିତ ରହି ଲୋକଙ୍କ ଅଭିଯୋଗ ଶୁଣିଥିଲେ। ଅଧିକାଂଶ ଅଭିଯୋଗ ରାସ୍ତା, ପାନୀୟ ଜଳ, ବିଦ୍ୟୁତ ଓ ଜମି ସମ୍ବନ୍ଧୀୟ ଥିଲା। ସମସ୍ତ ଅଭିଯୋଗର ଶୀଘ୍ର ସମାଧାନ ପାଇଁ ସମ୍ପୃକ୍ତ ବିଭାଗକୁ ନିର୍ଦ୍ଦେଶ ଦିଆଯାଇଛି।

ଭୁବନେଶ୍ୱର, ନ୍ୟୁଜ୍ ବ୍ୟୁରୋ ସରକାରଙ୍କ ନିୟମ ଅନୁଯାୟୀ ଘରୋଇ ଶିକ୍ଷାନୁଷ୍ଠାନଗୁଡ଼ିକରେ ଛାତ୍ରଛାତ୍ରୀଙ୍କ ପାଇଁ ଆସନ ସଂରକ୍ଷଣ କରାଯିବା ବାଧ୍ୟତାମୂଳକ। ମାତ୍ର ଅଧିକାଂଶ ସ୍କୁଲ ଏହି ନିୟମକୁ ପାଳନ କରୁନାହାନ୍ତି ବୋଲି ଅଭିଯୋଗ ହୋଇଛି। ଏଥିରେ ବିଭାଗ ପକ୍ଷରୁ ନୋଟିସ ଜାରି କରାଯାଇଛି ଏବଂ ନିର୍ଦ୍ଧାରିତ ସମୟ ମଧ୍ୟରେ ଉତ୍ତର ଦେବାକୁ କୁହାଯାଇଛି।

ଗ୍ରାମବାସୀଙ୍କ ଅଭିଯୋଗ ଅନୁଯାୟୀ ଦୀର୍ଘ ଦିନ ଧରି ରାସ୍ତାର ଅବସ୍ଥା ଅତ୍ୟନ୍ତ ଖରାପ ରହିଛି। ବର୍ଷା ଦିନେ କାଦୁଅ ଓ ଗାତ ଯୋଗୁଁ ଯାତାୟାତ କଷ୍ଟକର ହୋଇପଡ଼ୁଛି। ପ୍ରଶାସନକୁ ଏନେଇ ଅନେକ ଥର ଜଣାଇଲେ ମଧ୍ୟ କୌଣସି ପଦକ୍ଷେପ ନିଆଯାଇନାହିଁ।

ୟୁନିଟ୍-୧ ହାଟରେ ପ୍ରତିକୂଳମୟ ପରିବେଶ:ଦୁର୍ଗନ୍ଧରେ ନାକ
ଭୁବନେଶ୍ୱର, ନ୍ୟୁଜ୍ ବ୍ୟୁରୋ

ହାଟ ପରିସରରେ ଆବର୍ଜନା ଜମି ରହିବା ଯୋଗୁଁ ଦୁର୍ଗନ୍ଧ ଖେଳୁଛି। ଗାଈଗୋରୁ ଓ କୁକୁର ଆବର୍ଜନା ମଧ୍ୟରେ ବୁଲୁଛନ୍ତି। ବ୍ୟବସାୟୀ ଓ କ୍ରେତାମାନେ ଅସୁବିଧାର ସମ୍ମୁଖୀନ ହେଉଛନ୍ତି। ମହାନଗର ନିଗମ ତୁରନ୍ତ ପଦକ୍ଷେପ ନେବାକୁ ଦାବି ହେଉଛି।

ଭୁବନେଶ୍ୱର, ନ୍ୟୁଜ୍ ବ୍ୟୁରୋ ସରକାରଙ୍କ ନିୟମ ଅନୁଯାୟୀ ଘରୋଇ ଶିକ୍ଷାନୁଷ୍ଠାନଗୁଡ଼ିକରେ ଛାତ୍ରଛାତ୍ରୀଙ୍କ ପାଇଁ ଆସନ ସଂରକ୍ଷଣ କରାଯିବା ବାଧ୍ୟତାମୂଳକ। ମାତ୍ର ଅଧିକାଂଶ ସ୍କୁଲ ଏହି ନିୟମକୁ ପାଳନ କରୁନାହାନ୍ତି ବୋଲି ଅଭିଯୋଗ ହୋଇଛି। ଏଥିରେ ବିଭାଗ ପକ୍ଷରୁ ନୋଟିସ ଜାରି କରାଯାଇଛି ଏବଂ ନିର୍ଦ୍ଧାରିତ ସମୟ ମଧ୍ୟରେ ଉତ୍ତର ଦେବାକୁ କୁହାଯାଇଛି।

ହାଟ ପରିସରରେ ଆବର୍ଜନା ଜମି ରହିବା ଯୋଗୁଁ ଦୁର୍ଗନ୍ଧ ଖେଳୁଛି। ଗାଈଗୋରୁ ଓ କୁକୁର ଆବର୍ଜନା ମଧ୍ୟରେ ବୁଲୁଛନ୍ତି। ବ୍ୟବସାୟୀ ଓ କ୍ରେତାମାନେ ଅସୁବିଧାର ସମ୍ମୁଖୀନ ହେଉଛନ୍ତି। ମହାନଗର ନିଗମ ତୁରନ୍ତ ପଦକ୍ଷେପ ନେବାକୁ ଦାବି ହେଉଛି।

ହାଟ ପରିସରରେ ଆବର୍ଜନା ଜମି ରହିବା ଯୋଗୁଁ ଦୁର୍ଗନ୍ଧ ଖେଳୁଛି। ଗାଈଗୋରୁ ଓ କୁକୁର ଆବର୍ଜନା ମଧ୍ୟରେ ବୁଲୁଛନ୍ତି। ବ୍ୟବସାୟୀ ଓ କ୍ରେତାମାନେ ଅସୁବିଧାର ସମ୍ମୁଖୀନ ହେଉଛନ୍ତି। ମହାନଗର ନିଗମ ତୁରନ୍ତ ପଦକ୍ଷେପ ନେବାକୁ ଦାବି ହେଉଛି।

ଗ୍ରାମବାସୀଙ୍କ ଅଭିଯୋଗ ଅନୁଯାୟୀ ଦୀର୍ଘ ଦିନ ଧରି ରାସ୍ତାର ଅବସ୍ଥା ଅତ୍ୟନ୍ତ ଖରାପ ରହିଛି। ବର୍ଷା ଦିନେ କାଦୁଅ ଓ ଗାତ ଯୋଗୁଁ ଯାତାୟାତ କଷ୍ଟକର ହୋଇପଡ଼ୁଛି। ପ୍ରଶାସନକୁ ଏନେଇ ଅନେକ ଥର ଜଣାଇଲେ ମଧ୍ୟ କୌଣସି ପଦକ୍ଷେପ ନିଆଯାଇନାହିଁ।

ଜିଲ୍ଲାପାଳ ଓ ଆରକ୍ଷୀ ଅଧୀକ୍ଷକ ଗଣଶୁଣାଣି ଶିବିରରେ ଉପସ୍ଥିତ ରହି ଲୋକଙ୍କ ଅଭିଯୋଗ ଶୁଣିଥିଲେ। ଅଧିକାଂଶ ଅଭିଯୋଗ ରାସ୍ତା, ପାନୀୟ ଜଳ, ବିଦ୍ୟୁତ ଓ ଜମି ସମ୍ବନ୍ଧୀୟ ଥିଲା। ସମସ୍ତ ଅଭିଯୋଗର ଶୀଘ୍ର ସମାଧାନ ପାଇଁ ସମ୍ପୃକ୍ତ ବିଭାଗକୁ ନିର୍ଦ୍ଦେଶ ଦିଆଯାଇଛି।

ହାଟ ପରିସରରେ ଆବର୍ଜନା ଜମି ରହିବା ଯୋଗୁଁ ଦୁର୍ଗନ୍ଧ ଖେଳୁଛି। ଗାଈଗୋରୁ ଓ କୁକୁର ଆବର୍ଜନା ମଧ୍ୟରେ ବୁଲୁଛନ୍ତି। ବ୍ୟବସାୟୀ ଓ କ୍ରେତାମାନେ ଅସୁବିଧାର ସମ୍ମୁଖୀନ ହେଉଛନ୍ତି। ମହାନଗର ନିଗମ ତୁରନ୍ତ ପଦକ୍ଷେପ ନେବାକୁ ଦାବି ହେଉଛି।

ଗ୍ରାମବାସୀଙ୍କ ଅଭିଯୋଗ ଅନୁଯାୟୀ ଦୀର୍ଘ ଦିନ ଧରି ରାସ୍ତାର ଅବସ୍ଥା ଅତ୍ୟନ୍ତ ଖରାପ ରହିଛି। ବର୍ଷା ଦିନେ କାଦୁଅ ଓ ଗାତ ଯୋଗୁଁ ଯାତାୟାତ କଷ୍ଟକର ହୋଇପଡ଼ୁଛି। ପ୍ରଶାସନକୁ ଏନେଇ ଅନେକ ଥର ଜଣାଇଲେ ମଧ୍ୟ କୌଣସି ପଦକ୍ଷେପ ନିଆଯାଇନାହିଁ।

ଭୁବନେଶ୍ୱର, ନ୍ୟୁଜ୍ ବ୍ୟୁରୋ ସରକାରଙ୍କ ନିୟମ ଅନୁଯାୟୀ ଘରୋଇ ଶିକ୍ଷାନୁଷ୍ଠାନଗୁଡ଼ିକରେ ଛାତ୍ରଛାତ୍ରୀଙ୍କ ପାଇଁ ଆସନ ସଂରକ୍ଷଣ କରାଯିବା ବାଧ୍ୟତାମୂଳକ। ମାତ୍ର ଅଧିକାଂଶ ସ୍କୁଲ ଏହି ନିୟମକୁ ପାଳନ କରୁନାହାନ୍ତି ବୋଲି ଅଭିଯୋଗ ହୋଇଛି। ଏଥିରେ ବିଭାଗ ପକ୍ଷରୁ ନୋଟିସ ଜାରି କରାଯାଇଛି ଏବଂ ନିର୍ଦ୍ଧାରିତ ସମୟ ମଧ୍ୟରେ ଉତ୍ତର ଦେବାକୁ କୁହାଯାଇଛି।
